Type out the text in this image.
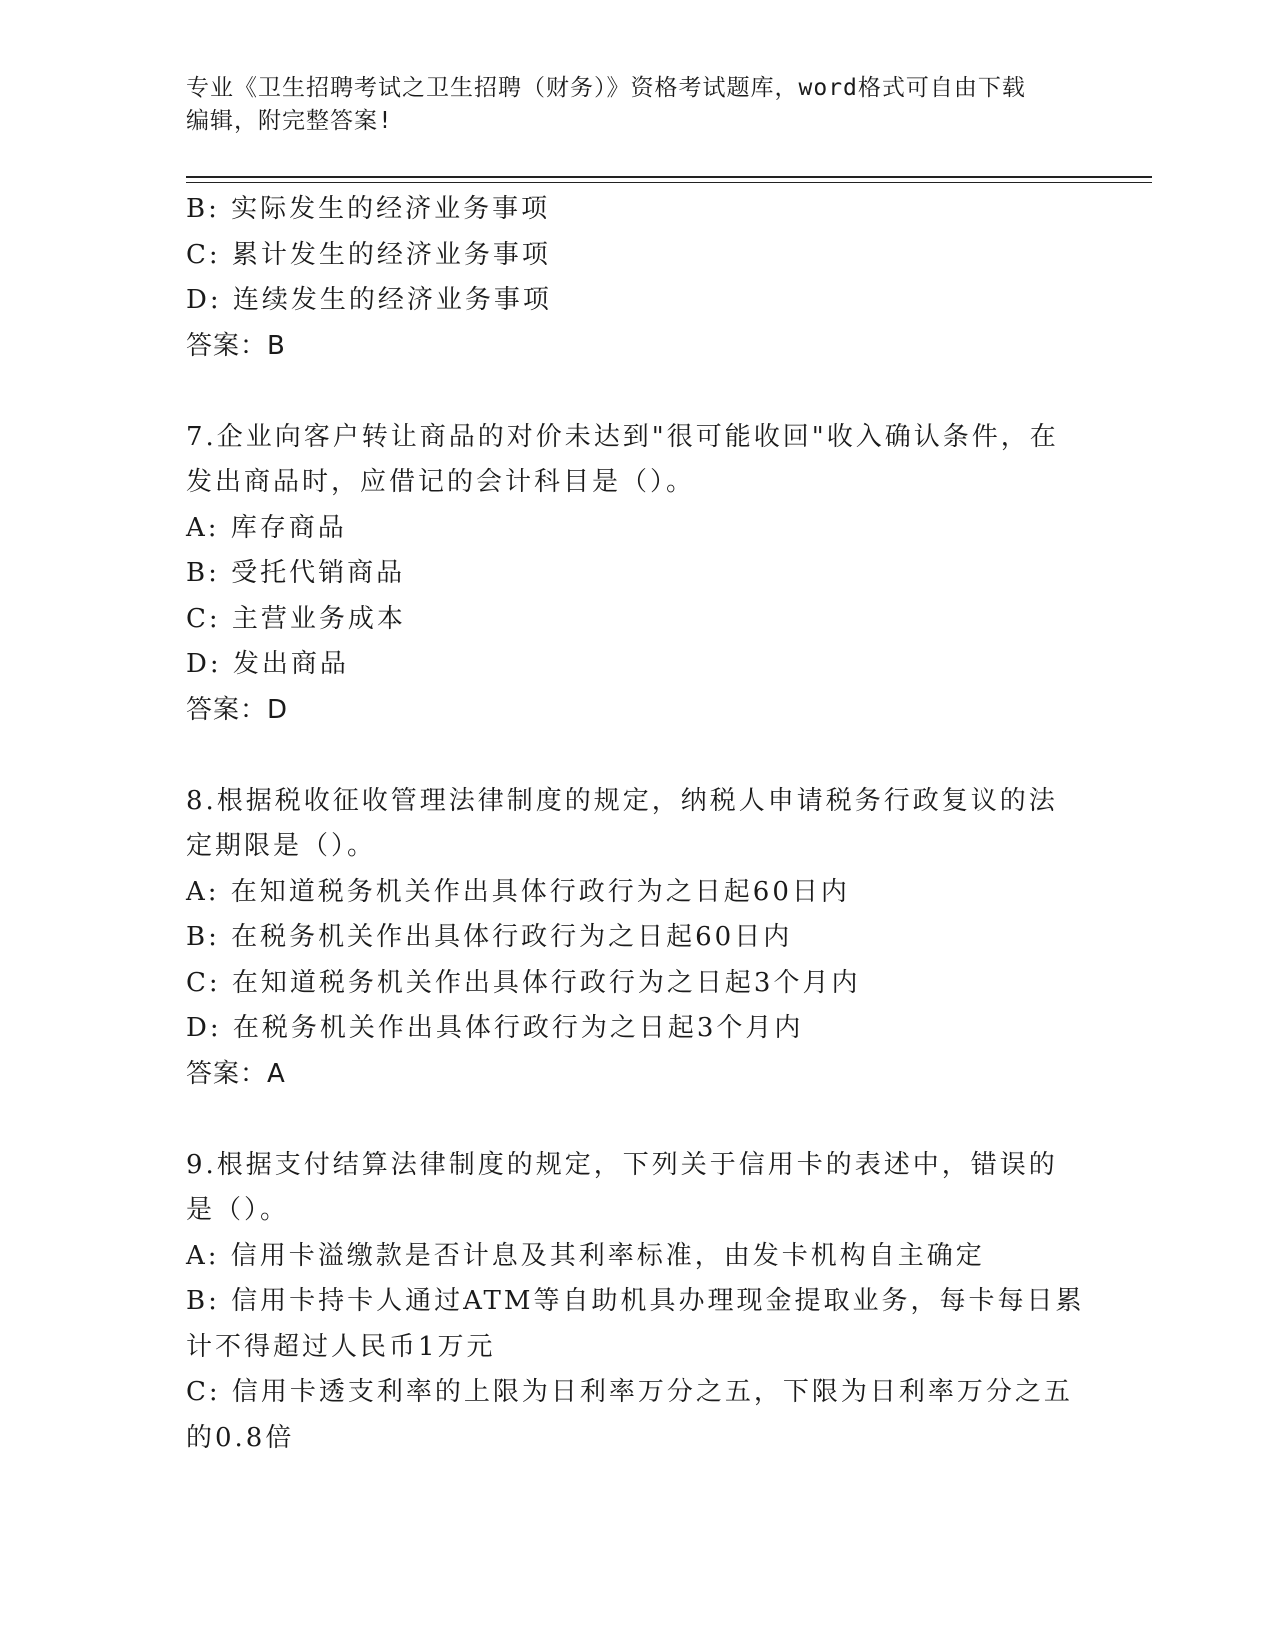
专业《卫生招聘考试之卫生招聘（财务）》资格考试题库，word格式可自由下载
编辑，附完整答案!
B: 实际发生的经济业务事项
C: 累计发生的经济业务事项
D: 连续发生的经济业务事项
答案：B
7.企业向客户转让商品的对价未达到"很可能收回"收入确认条件，在
发出商品时，应借记的会计科目是（）。
A: 库存商品
B: 受托代销商品
C: 主营业务成本
D: 发出商品
答案：D
8.根据税收征收管理法律制度的规定，纳税人申请税务行政复议的法
定期限是（）。
A: 在知道税务机关作出具体行政行为之日起60日内
B: 在税务机关作出具体行政行为之日起60日内
C: 在知道税务机关作出具体行政行为之日起3个月内
D: 在税务机关作出具体行政行为之日起3个月内
答案：A
9.根据支付结算法律制度的规定，下列关于信用卡的表述中，错误的
是（）。
A: 信用卡溢缴款是否计息及其利率标准，由发卡机构自主确定
B: 信用卡持卡人通过ATM等自助机具办理现金提取业务，每卡每日累
计不得超过人民币1万元
C: 信用卡透支利率的上限为日利率万分之五，下限为日利率万分之五
的0.8倍
